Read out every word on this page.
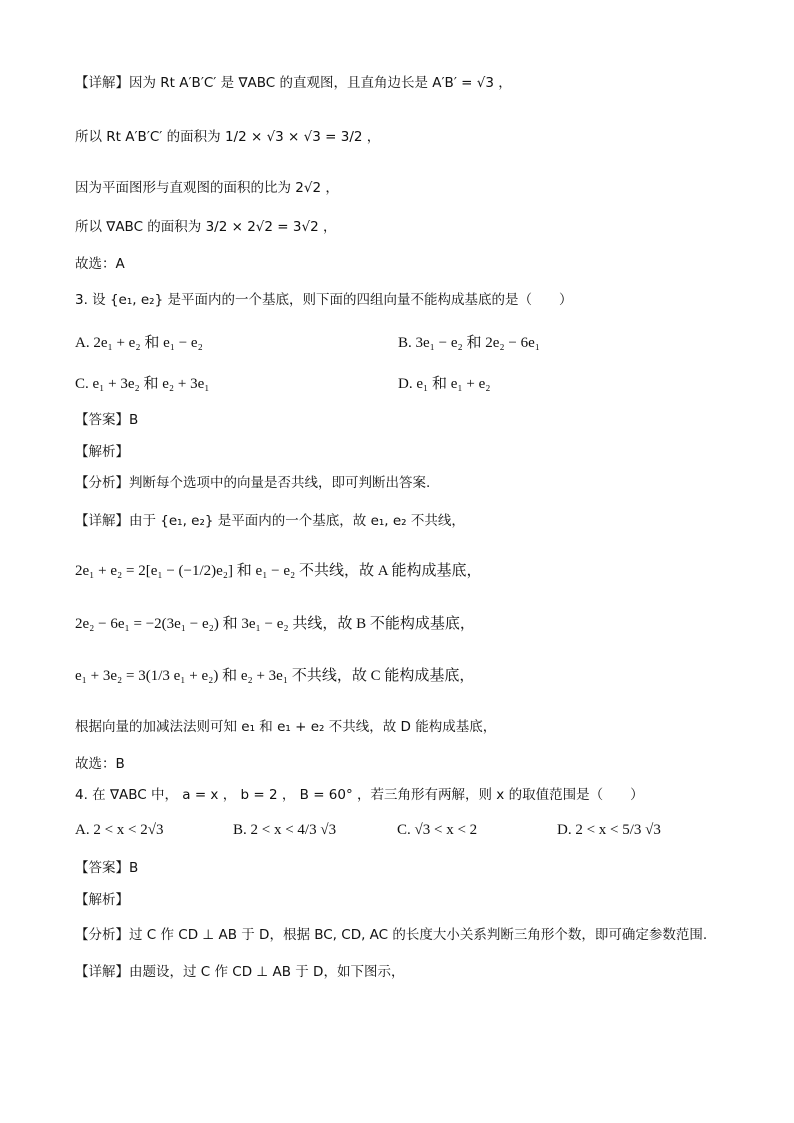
【详解】因为 Rt A′B′C′ 是 ∇ABC 的直观图，且直角边长是 A′B′ = √3 ，
所以 Rt A′B′C′ 的面积为 1/2 × √3 × √3 = 3/2 ，
因为平面图形与直观图的面积的比为 2√2 ，
所以 ∇ABC 的面积为 3/2 × 2√2 = 3√2 ，
故选：A
3. 设 {e₁, e₂} 是平面内的一个基底，则下面的四组向量不能构成基底的是（　　）
A. 2e₁ + e₂ 和 e₁ − e₂	B. 3e₁ − e₂ 和 2e₂ − 6e₁
C. e₁ + 3e₂ 和 e₂ + 3e₁	D. e₁ 和 e₁ + e₂
【答案】B
【解析】
【分析】判断每个选项中的向量是否共线，即可判断出答案.
【详解】由于 {e₁, e₂} 是平面内的一个基底，故 e₁, e₂ 不共线，
2e₁ + e₂ = 2[e₁ − (−1/2)e₂] 和 e₁ − e₂ 不共线，故 A 能构成基底，
2e₂ − 6e₁ = −2(3e₁ − e₂) 和 3e₁ − e₂ 共线，故 B 不能构成基底，
e₁ + 3e₂ = 3(1/3 e₁ + e₂) 和 e₂ + 3e₁ 不共线，故 C 能构成基底，
根据向量的加减法法则可知 e₁ 和 e₁ + e₂ 不共线，故 D 能构成基底，
故选：B
4. 在 ∇ABC 中， a = x ， b = 2 ， B = 60° ，若三角形有两解，则 x 的取值范围是（　　）
A. 2 < x < 2√3	B. 2 < x < 4/3 √3	C. √3 < x < 2	D. 2 < x < 5/3 √3
【答案】B
【解析】
【分析】过 C 作 CD ⊥ AB 于 D，根据 BC, CD, AC 的长度大小关系判断三角形个数，即可确定参数范围.
【详解】由题设，过 C 作 CD ⊥ AB 于 D，如下图示，
